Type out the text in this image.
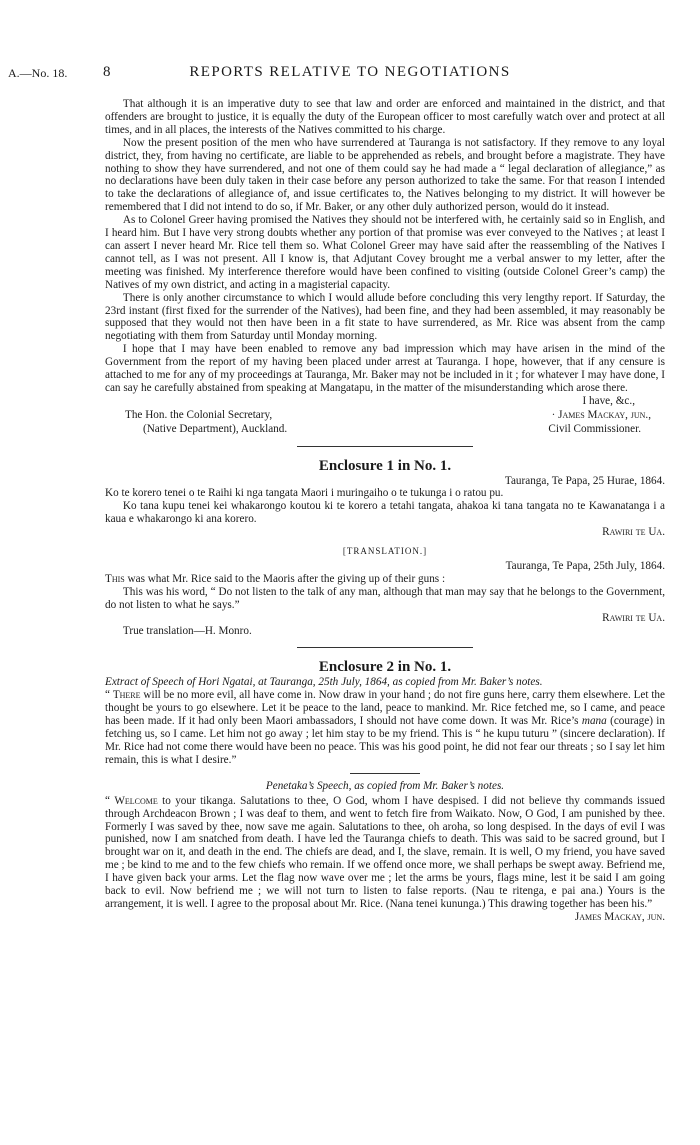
A.—No. 18. 8	REPORTS RELATIVE TO NEGOTIATIONS

That although it is an imperative duty to see that law and order are enforced and maintained in the district, and that offenders are brought to justice, it is equally the duty of the European officer to most carefully watch over and protect at all times, and in all places, the interests of the Natives committed to his charge.

Now the present position of the men who have surrendered at Tauranga is not satisfactory. If they remove to any loyal district, they, from having no certificate, are liable to be apprehended as rebels, and brought before a magistrate. They have nothing to show they have surrendered, and not one of them could say he had made a “ legal declaration of allegiance,” as no declarations have been duly taken in their case before any person authorized to take the same. For that reason I intended to take the declarations of allegiance of, and issue certificates to, the Natives belonging to my district. It will however be remembered that I did not intend to do so, if Mr. Baker, or any other duly authorized person, would do it instead.

As to Colonel Greer having promised the Natives they should not be interfered with, he certainly said so in English, and I heard him. But I have very strong doubts whether any portion of that promise was ever conveyed to the Natives ; at least I can assert I never heard Mr. Rice tell them so. What Colonel Greer may have said after the reassembling of the Natives I cannot tell, as I was not present. All I know is, that Adjutant Covey brought me a verbal answer to my letter, after the meeting was finished. My interference therefore would have been confined to visiting (outside Colonel Greer’s camp) the Natives of my own district, and acting in a magisterial capacity.

There is only another circumstance to which I would allude before concluding this very lengthy report. If Saturday, the 23rd instant (first fixed for the surrender of the Natives), had been fine, and they had been assembled, it may reasonably be supposed that they would not then have been in a fit state to have surrendered, as Mr. Rice was absent from the camp negotiating with them from Saturday until Monday morning.

I hope that I may have been enabled to remove any bad impression which may have arisen in the mind of the Government from the report of my having been placed under arrest at Tauranga. I hope, however, that if any censure is attached to me for any of my proceedings at Tauranga, Mr. Baker may not be included in it ; for whatever I may have done, I can say he carefully abstained from speaking at Mangatapu, in the matter of the misunderstanding which arose there.

I have, &c.,

The Hon. the Colonial Secretary,	· James Mackay, jun.,
(Native Department), Auckland.	Civil Commissioner.
Enclosure 1 in No. 1.

Tauranga, Te Papa, 25 Hurae, 1864.

Ko te korero tenei o te Raihi ki nga tangata Maori i muringaiho o te tukunga i o ratou pu.

Ko tana kupu tenei kei whakarongo koutou ki te korero a tetahi tangata, ahakoa ki tana tangata no te Kawanatanga i a kaua e whakarongo ki ana korero.

Rawiri te Ua.

[TRANSLATION.]

Tauranga, Te Papa, 25th July, 1864.

This was what Mr. Rice said to the Maoris after the giving up of their guns :

This was his word, “ Do not listen to the talk of any man, although that man may say that he belongs to the Government, do not listen to what he says.”

Rawiri te Ua.

True translation—H. Monro.

Enclosure 2 in No. 1.

Extract of Speech of Hori Ngatai, at Tauranga, 25th July, 1864, as copied from Mr. Baker’s notes.

“ There will be no more evil, all have come in. Now draw in your hand ; do not fire guns here, carry them elsewhere. Let the thought be yours to go elsewhere. Let it be peace to the land, peace to mankind. Mr. Rice fetched me, so I came, and peace has been made. If it had only been Maori ambassadors, I should not have come down. It was Mr. Rice’s mana (courage) in fetching us, so I came. Let him not go away ; let him stay to be my friend. This is “ he kupu tuturu ” (sincere declaration). If Mr. Rice had not come there would have been no peace. This was his good point, he did not fear our threats ; so I say let him remain, this is what I desire.”

Penetaka’s Speech, as copied from Mr. Baker’s notes.

“ Welcome to your tikanga. Salutations to thee, O God, whom I have despised. I did not believe thy commands issued through Archdeacon Brown ; I was deaf to them, and went to fetch fire from Waikato. Now, O God, I am punished by thee. Formerly I was saved by thee, now save me again. Salutations to thee, oh aroha, so long despised. In the days of evil I was punished, now I am snatched from death. I have led the Tauranga chiefs to death. This was said to be sacred ground, but I brought war on it, and death in the end. The chiefs are dead, and I, the slave, remain. It is well, O my friend, you have saved me ; be kind to me and to the few chiefs who remain. If we offend once more, we shall perhaps be swept away. Befriend me, I have given back your arms. Let the flag now wave over me ; let the arms be yours, flags mine, lest it be said I am going back to evil. Now befriend me ; we will not turn to listen to false reports. (Nau te ritenga, e pai ana.) Yours is the arrangement, it is well. I agree to the proposal about Mr. Rice. (Nana tenei kununga.) This drawing together has been his.”

James Mackay, jun.
